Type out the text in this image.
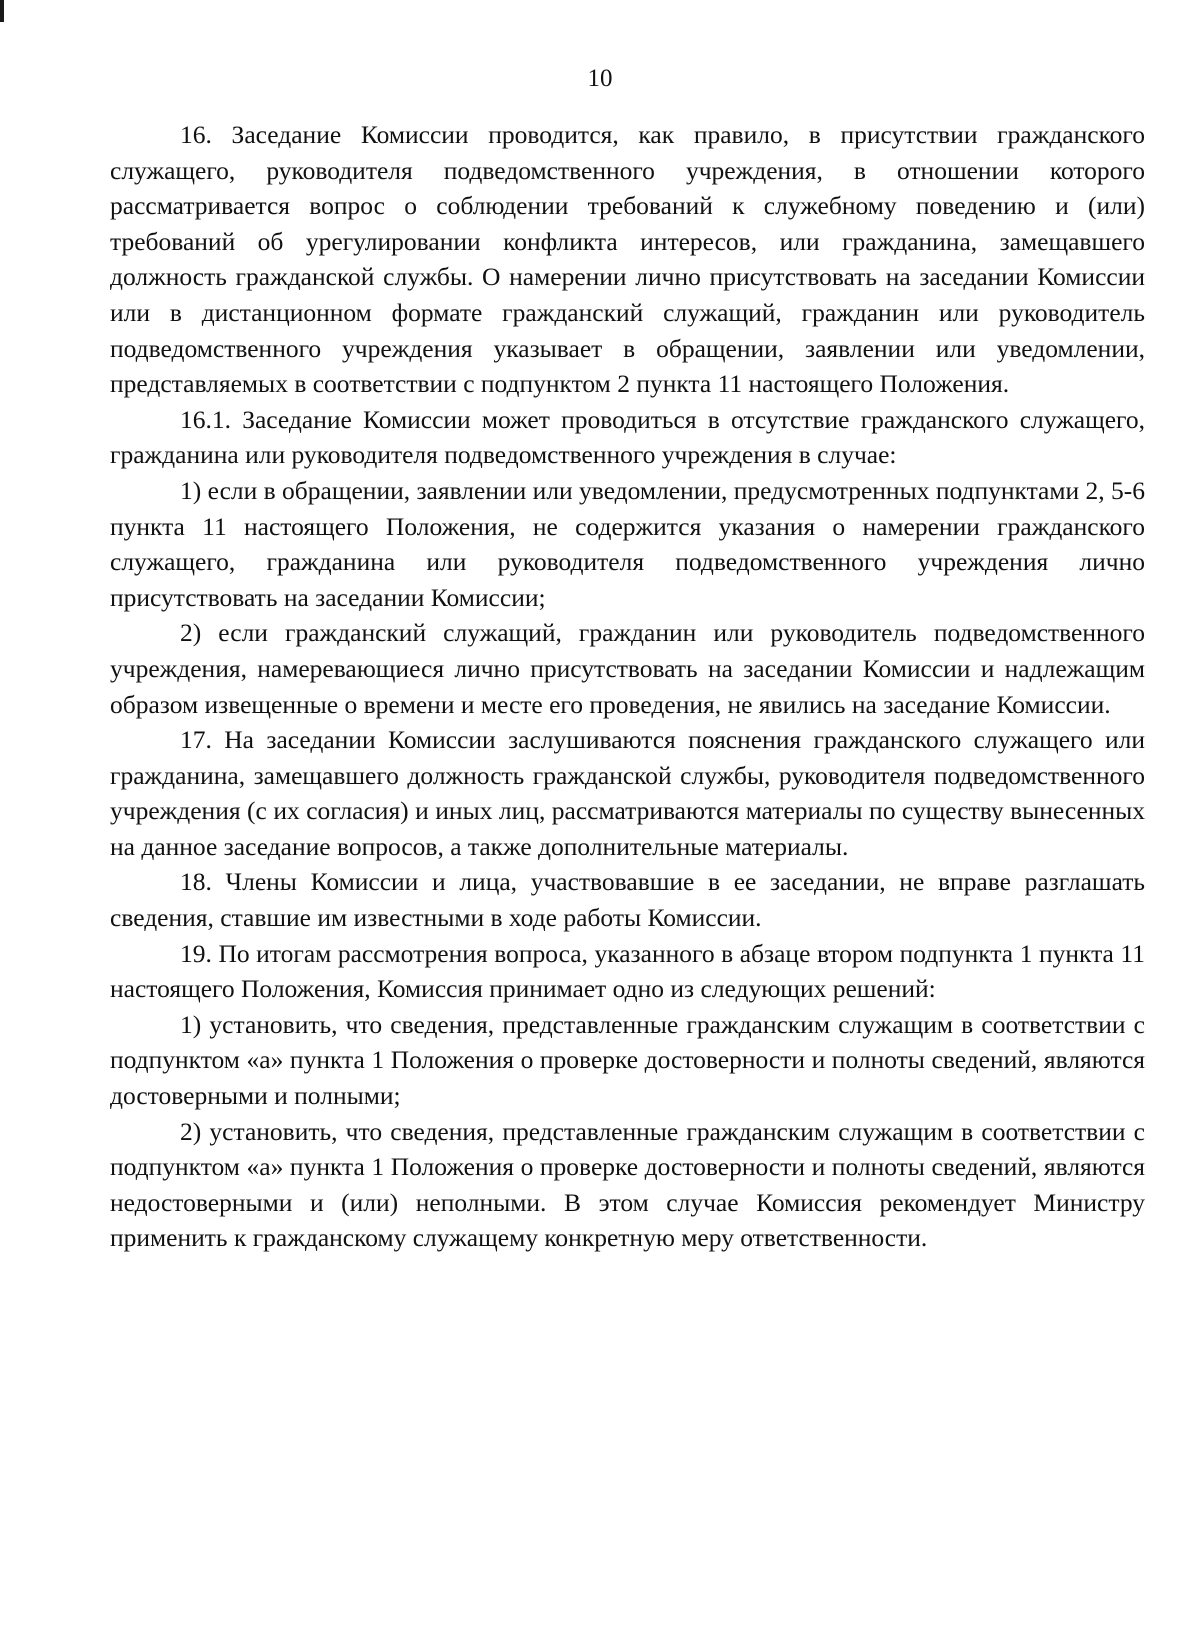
10

16. Заседание Комиссии проводится, как правило, в присутствии гражданского служащего, руководителя подведомственного учреждения, в отношении которого рассматривается вопрос о соблюдении требований к служебному поведению и (или) требований об урегулировании конфликта интересов, или гражданина, замещавшего должность гражданской службы. О намерении лично присутствовать на заседании Комиссии или в дистанционном формате гражданский служащий, гражданин или руководитель подведомственного учреждения указывает в обращении, заявлении или уведомлении, представляемых в соответствии с подпунктом 2 пункта 11 настоящего Положения.

16.1. Заседание Комиссии может проводиться в отсутствие гражданского служащего, гражданина или руководителя подведомственного учреждения в случае:

1) если в обращении, заявлении или уведомлении, предусмотренных подпунктами 2, 5-6 пункта 11 настоящего Положения, не содержится указания о намерении гражданского служащего, гражданина или руководителя подведомственного учреждения лично присутствовать на заседании Комиссии;

2) если гражданский служащий, гражданин или руководитель подведомственного учреждения, намеревающиеся лично присутствовать на заседании Комиссии и надлежащим образом извещенные о времени и месте его проведения, не явились на заседание Комиссии.

17. На заседании Комиссии заслушиваются пояснения гражданского служащего или гражданина, замещавшего должность гражданской службы, руководителя подведомственного учреждения (с их согласия) и иных лиц, рассматриваются материалы по существу вынесенных на данное заседание вопросов, а также дополнительные материалы.

18. Члены Комиссии и лица, участвовавшие в ее заседании, не вправе разглашать сведения, ставшие им известными в ходе работы Комиссии.

19. По итогам рассмотрения вопроса, указанного в абзаце втором подпункта 1 пункта 11 настоящего Положения, Комиссия принимает одно из следующих решений:

1) установить, что сведения, представленные гражданским служащим в соответствии с подпунктом «а» пункта 1 Положения о проверке достоверности и полноты сведений, являются достоверными и полными;

2) установить, что сведения, представленные гражданским служащим в соответствии с подпунктом «а» пункта 1 Положения о проверке достоверности и полноты сведений, являются недостоверными и (или) неполными. В этом случае Комиссия рекомендует Министру применить к гражданскому служащему конкретную меру ответственности.
